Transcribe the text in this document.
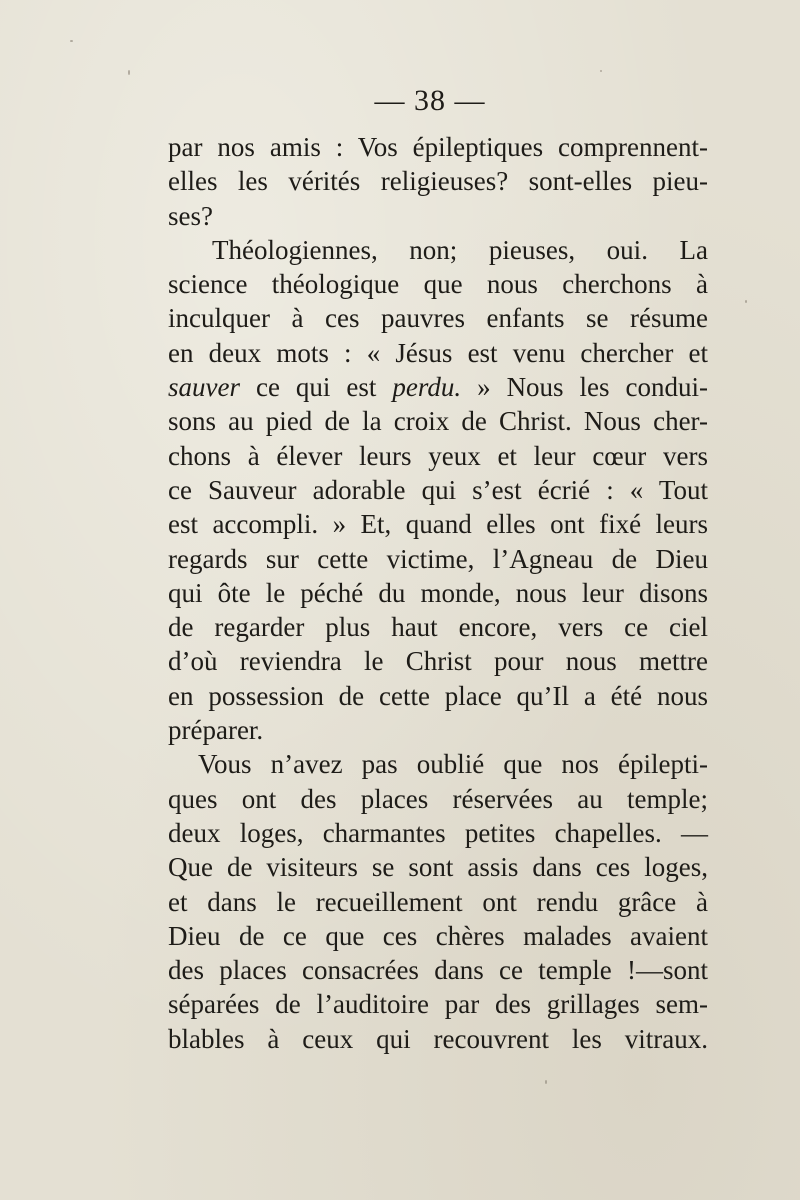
— 38 —
par nos amis : Vos épileptiques comprennent-
elles les vérités religieuses? sont-elles pieu-
ses?
Théologiennes, non; pieuses, oui. La
science théologique que nous cherchons à
inculquer à ces pauvres enfants se résume
en deux mots : « Jésus est venu chercher et
sauver ce qui est perdu. » Nous les condui-
sons au pied de la croix de Christ. Nous cher-
chons à élever leurs yeux et leur cœur vers
ce Sauveur adorable qui s’est écrié : « Tout
est accompli. » Et, quand elles ont fixé leurs
regards sur cette victime, l’Agneau de Dieu
qui ôte le péché du monde, nous leur disons
de regarder plus haut encore, vers ce ciel
d’où reviendra le Christ pour nous mettre
en possession de cette place qu’Il a été nous
préparer.
Vous n’avez pas oublié que nos épilepti-
ques ont des places réservées au temple;
deux loges, charmantes petites chapelles. —
Que de visiteurs se sont assis dans ces loges,
et dans le recueillement ont rendu grâce à
Dieu de ce que ces chères malades avaient
des places consacrées dans ce temple !—sont
séparées de l’auditoire par des grillages sem-
blables à ceux qui recouvrent les vitraux.
